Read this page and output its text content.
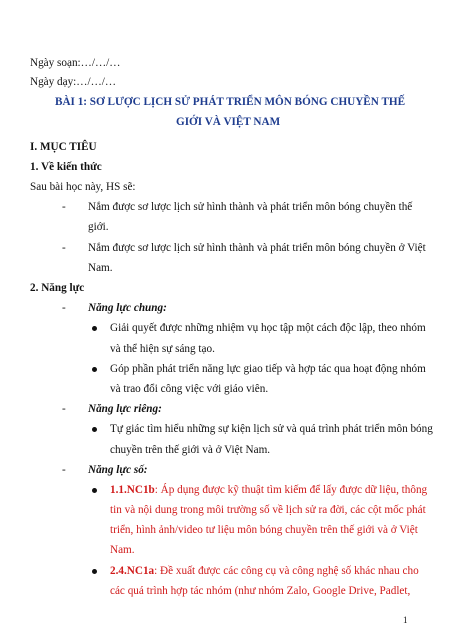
Ngày soạn:…/…/…
Ngày dạy:…/…/…
BÀI 1: SƠ LƯỢC LỊCH SỬ PHÁT TRIỂN MÔN BÓNG CHUYỀN THẾ
GIỚI VÀ VIỆT NAM
I. MỤC TIÊU
1. Về kiến thức
Sau bài học này, HS sẽ:
- Nắm được sơ lược lịch sử hình thành và phát triển môn bóng chuyền thế
giới.
- Nắm được sơ lược lịch sử hình thành và phát triển môn bóng chuyền ở Việt
Nam.
2. Năng lực
- Năng lực chung:
Giải quyết được những nhiệm vụ học tập một cách độc lập, theo nhóm
và thể hiện sự sáng tạo.
Góp phần phát triển năng lực giao tiếp và hợp tác qua hoạt động nhóm
và trao đổi công việc với giáo viên.
- Năng lực riêng:
Tự giác tìm hiểu những sự kiện lịch sử và quá trình phát triển môn bóng
chuyền trên thế giới và ở Việt Nam.
- Năng lực số:
1.1.NC1b: Áp dụng được kỹ thuật tìm kiếm để lấy được dữ liệu, thông
tin và nội dung trong môi trường số về lịch sử ra đời, các cột mốc phát
triển, hình ảnh/video tư liệu môn bóng chuyền trên thế giới và ở Việt
Nam.
2.4.NC1a: Đề xuất được các công cụ và công nghệ số khác nhau cho
các quá trình hợp tác nhóm (như nhóm Zalo, Google Drive, Padlet,
1
